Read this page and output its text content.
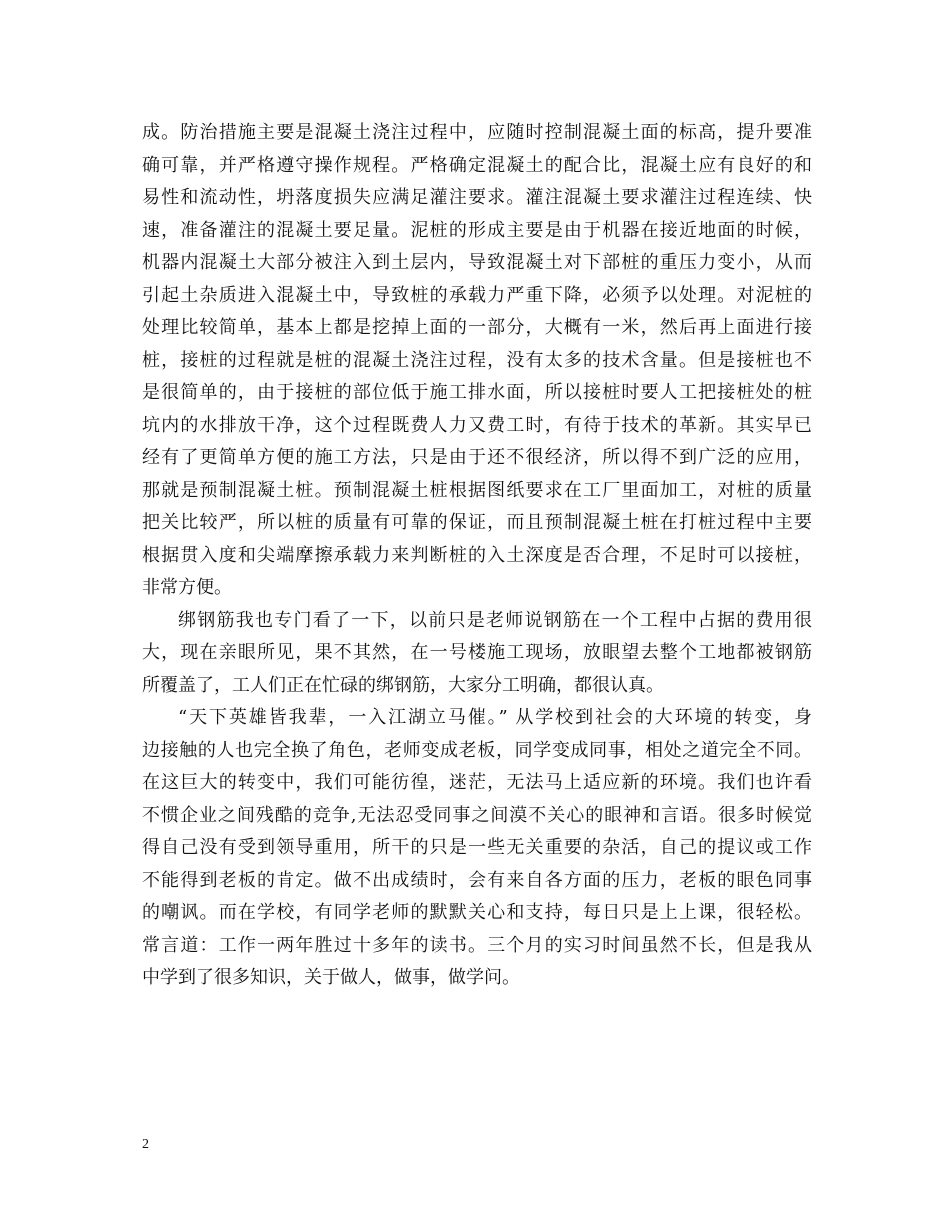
成。防治措施主要是混凝土浇注过程中，应随时控制混凝土面的标高，提升要准
确可靠，并严格遵守操作规程。严格确定混凝土的配合比，混凝土应有良好的和
易性和流动性，坍落度损失应满足灌注要求。灌注混凝土要求灌注过程连续、快
速，准备灌注的混凝土要足量。泥桩的形成主要是由于机器在接近地面的时候，
机器内混凝土大部分被注入到土层内，导致混凝土对下部桩的重压力变小，从而
引起土杂质进入混凝土中，导致桩的承载力严重下降，必须予以处理。对泥桩的
处理比较简单，基本上都是挖掉上面的一部分，大概有一米，然后再上面进行接
桩，接桩的过程就是桩的混凝土浇注过程，没有太多的技术含量。但是接桩也不
是很简单的，由于接桩的部位低于施工排水面，所以接桩时要人工把接桩处的桩
坑内的水排放干净，这个过程既费人力又费工时，有待于技术的革新。其实早已
经有了更简单方便的施工方法，只是由于还不很经济，所以得不到广泛的应用，
那就是预制混凝土桩。预制混凝土桩根据图纸要求在工厂里面加工，对桩的质量
把关比较严，所以桩的质量有可靠的保证，而且预制混凝土桩在打桩过程中主要
根据贯入度和尖端摩擦承载力来判断桩的入土深度是否合理，不足时可以接桩，
非常方便。
绑钢筋我也专门看了一下，以前只是老师说钢筋在一个工程中占据的费用很
大，现在亲眼所见，果不其然，在一号楼施工现场，放眼望去整个工地都被钢筋
所覆盖了，工人们正在忙碌的绑钢筋，大家分工明确，都很认真。
“天下英雄皆我辈，一入江湖立马催。” 从学校到社会的大环境的转变，身
边接触的人也完全换了角色，老师变成老板，同学变成同事，相处之道完全不同。
在这巨大的转变中，我们可能彷徨，迷茫，无法马上适应新的环境。我们也许看
不惯企业之间残酷的竞争,无法忍受同事之间漠不关心的眼神和言语。很多时候觉
得自己没有受到领导重用，所干的只是一些无关重要的杂活，自己的提议或工作
不能得到老板的肯定。做不出成绩时，会有来自各方面的压力，老板的眼色同事
的嘲讽。而在学校，有同学老师的默默关心和支持，每日只是上上课，很轻松。
常言道：工作一两年胜过十多年的读书。三个月的实习时间虽然不长，但是我从
中学到了很多知识，关于做人，做事，做学问。
2
